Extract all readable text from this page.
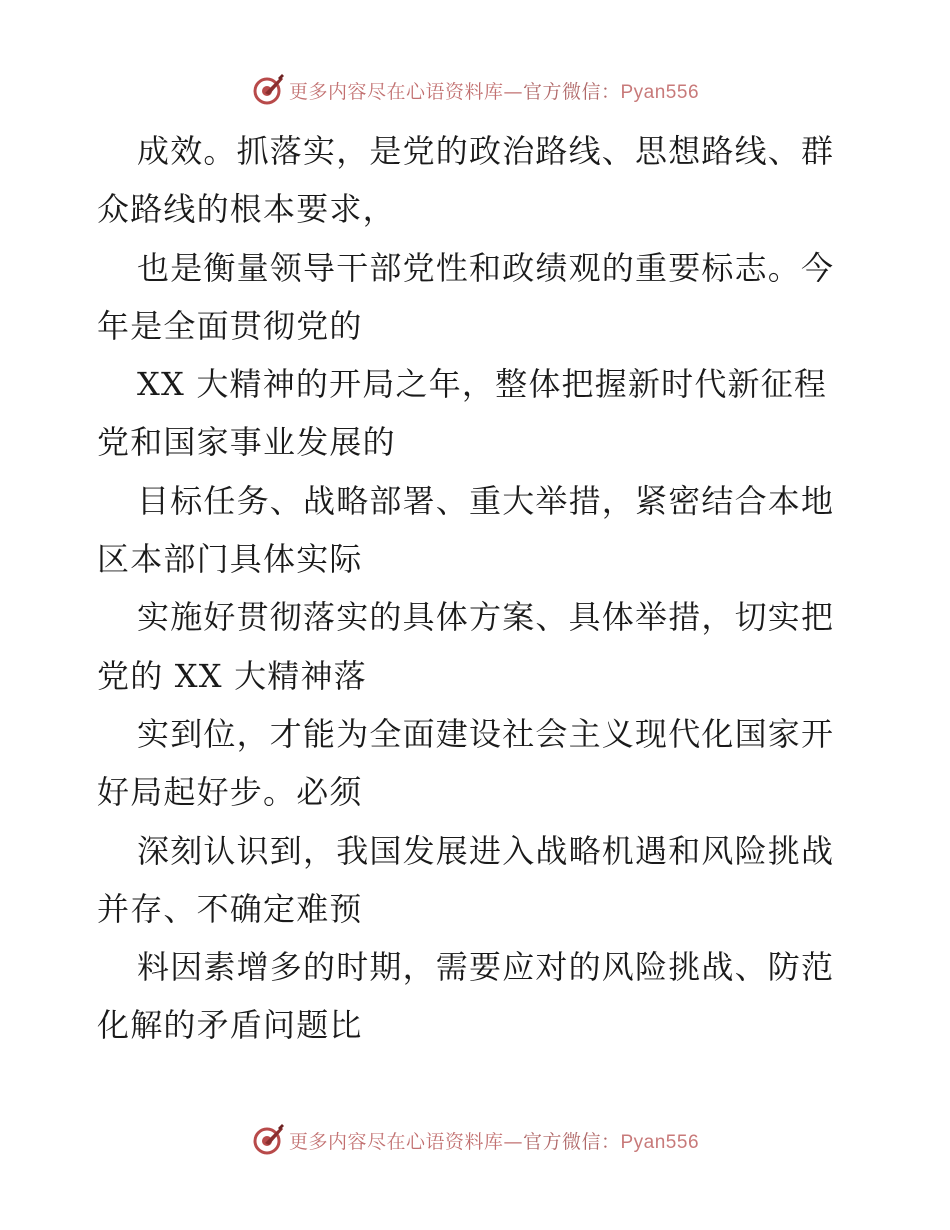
更多内容尽在心语资料库—官方微信：Pyan556
成效。抓落实，是党的政治路线、思想路线、群
众路线的根本要求，
也是衡量领导干部党性和政绩观的重要标志。今
年是全面贯彻党的
XX 大精神的开局之年，整体把握新时代新征程
党和国家事业发展的
目标任务、战略部署、重大举措，紧密结合本地
区本部门具体实际
实施好贯彻落实的具体方案、具体举措，切实把
党的 XX 大精神落
实到位，才能为全面建设社会主义现代化国家开
好局起好步。必须
深刻认识到，我国发展进入战略机遇和风险挑战
并存、不确定难预
料因素增多的时期，需要应对的风险挑战、防范
化解的矛盾问题比
更多内容尽在心语资料库—官方微信：Pyan556
